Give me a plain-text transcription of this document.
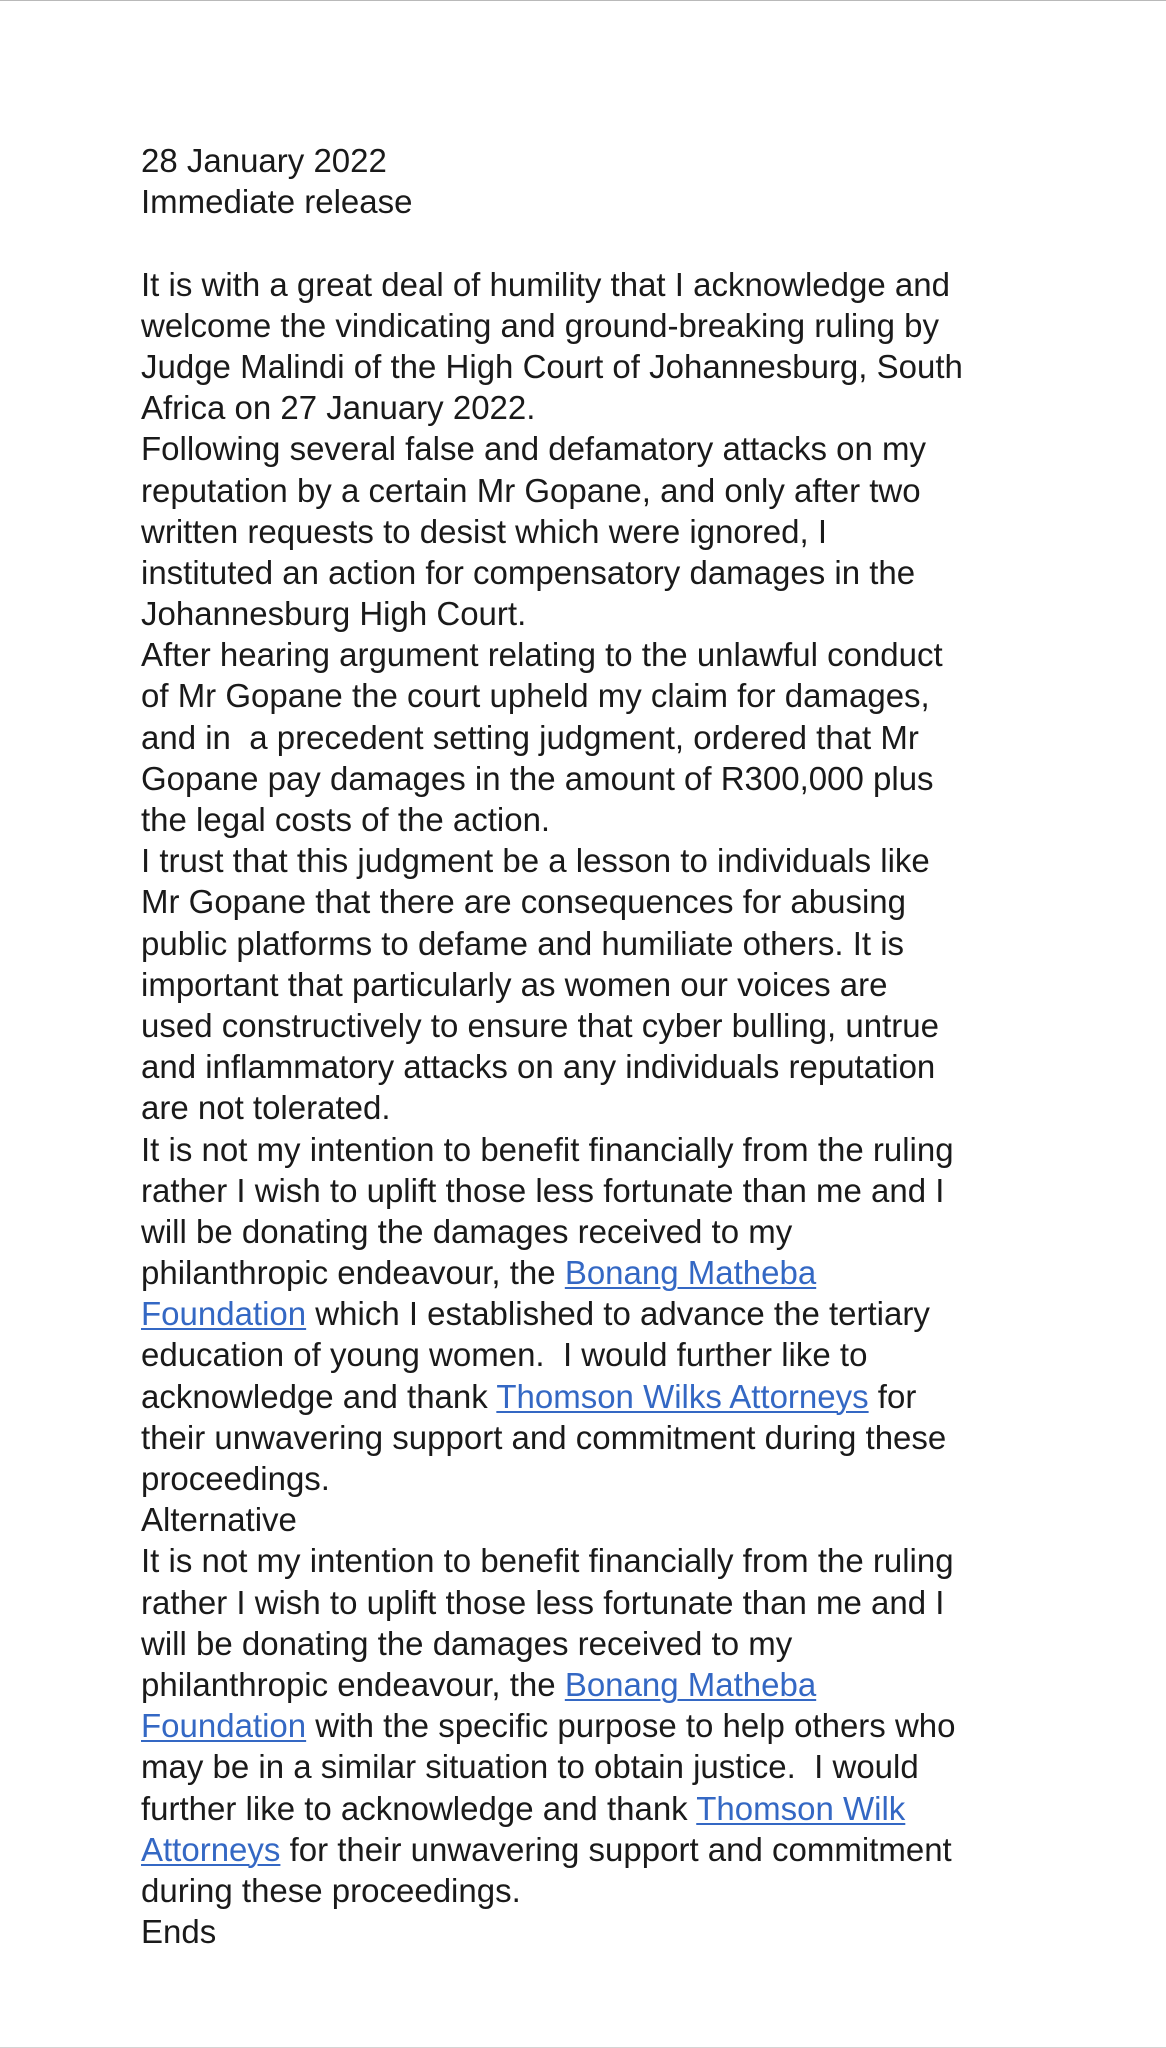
28 January 2022
Immediate release
It is with a great deal of humility that I acknowledge and
welcome the vindicating and ground-breaking ruling by
Judge Malindi of the High Court of Johannesburg, South
Africa on 27 January 2022.
Following several false and defamatory attacks on my
reputation by a certain Mr Gopane, and only after two
written requests to desist which were ignored, I
instituted an action for compensatory damages in the
Johannesburg High Court.
After hearing argument relating to the unlawful conduct
of Mr Gopane the court upheld my claim for damages,
and in  a precedent setting judgment, ordered that Mr
Gopane pay damages in the amount of R300,000 plus
the legal costs of the action.
I trust that this judgment be a lesson to individuals like
Mr Gopane that there are consequences for abusing
public platforms to defame and humiliate others. It is
important that particularly as women our voices are
used constructively to ensure that cyber bulling, untrue
and inflammatory attacks on any individuals reputation
are not tolerated.
It is not my intention to benefit financially from the ruling
rather I wish to uplift those less fortunate than me and I
will be donating the damages received to my
philanthropic endeavour, the Bonang Matheba
Foundation which I established to advance the tertiary
education of young women.  I would further like to
acknowledge and thank Thomson Wilks Attorneys for
their unwavering support and commitment during these
proceedings.
Alternative
It is not my intention to benefit financially from the ruling
rather I wish to uplift those less fortunate than me and I
will be donating the damages received to my
philanthropic endeavour, the Bonang Matheba
Foundation with the specific purpose to help others who
may be in a similar situation to obtain justice.  I would
further like to acknowledge and thank Thomson Wilk
Attorneys for their unwavering support and commitment
during these proceedings.
Ends
